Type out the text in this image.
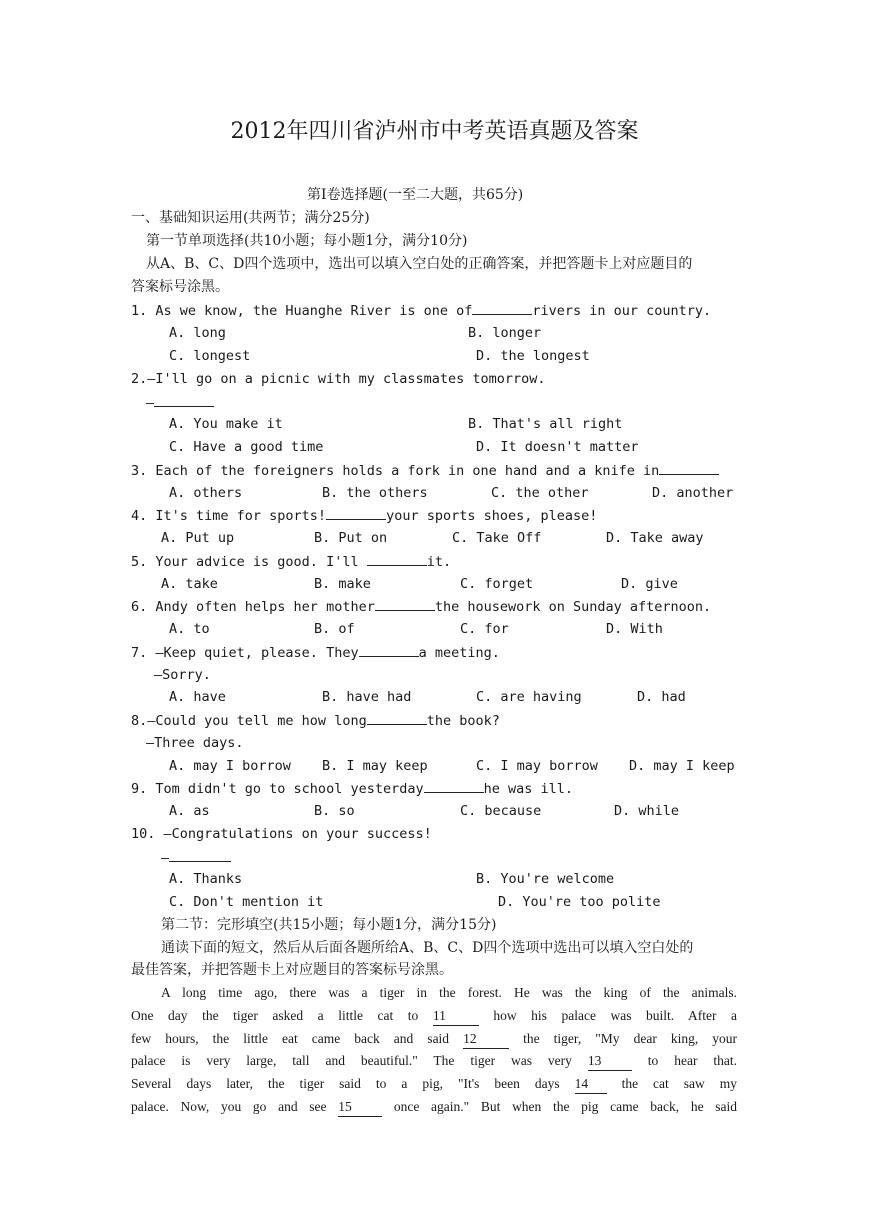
2012年四川省泸州市中考英语真题及答案
第Ⅰ卷选择题(一至二大题，共65分)
一、基础知识运用(共两节；满分25分)
第一节单项选择(共10小题；每小题1分，满分10分)
从A、B、C、D四个选项中，选出可以填入空白处的正确答案，并把答题卡上对应题目的
答案标号涂黑。
1. As we know, the Huanghe River is one of	rivers in our country.
A. long	B. longer
C. longest	D. the longest
2.—I'll go on a picnic with my classmates tomorrow.
—
A. You make it	B. That's all right
C. Have a good time	D. It doesn't matter
3. Each of the foreigners holds a fork in one hand and a knife in
A. others	B. the others	C. the other	D. another
4. It's time for sports!	your sports shoes, please!
A. Put up	B. Put on	C. Take Off	D. Take away
5. Your advice is good. I'll	it.
A. take	B. make	C. forget	D. give
6. Andy often helps her mother	the housework on Sunday afternoon.
A. to	B. of	C. for	D. With
7. —Keep quiet, please. They	a meeting.
—Sorry.
A. have	B. have had	C. are having	D. had
8.—Could you tell me how long	the book?
—Three days.
A. may I borrow B. I may keep	C. I may borrow D. may I keep
9. Tom didn't go to school yesterday	he was ill.
A. as	B. so	C. because	D. while
10. —Congratulations on your success!
—
A. Thanks	B. You're welcome
C. Don't mention it	D. You're too polite
第二节：完形填空(共15小题；每小题1分，满分15分)
通读下面的短文，然后从后面各题所给A、B、C、D四个选项中选出可以填入空白处的
最佳答案，并把答题卡上对应题目的答案标号涂黑。
A long time ago, there was a tiger in the forest. He was the king of the animals.
One day the tiger asked a little cat to 11	how his palace was built. After a
few hours, the little eat came back and said 12	the tiger, "My dear king, your
palace is very large, tall and beautiful." The tiger was very 13	to hear that.
Several days later, the tiger said to a pig, "It's been days 14 the cat saw my
palace. Now, you go and see 15	once again." But when the pig came back, he said
